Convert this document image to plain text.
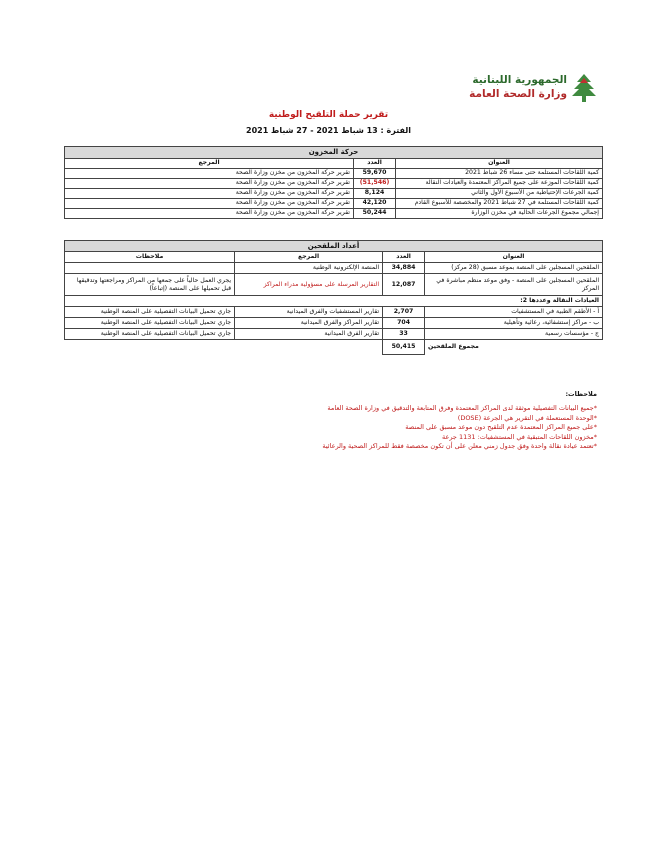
الجمهورية اللبنانية
وزارة الصحة العامة
تقرير حملة التلقيح الوطنية
الفترة : 13 شباط 2021 - 27 شباط 2021
حركة المخزون		
العنوان	العدد	المرجع
كمية اللقاحات المستلمة حتى مساء 26 شباط 2021	59,670	تقرير حركة المخزون من مخزن وزارة الصحة
كمية اللقاحات الموزعة على جميع المراكز المعتمدة والعيادات النقالة	(51,546)	تقرير حركة المخزون من مخزن وزارة الصحة
كمية الجرعات الإحتياطية من الأسبوع الأول والثاني	8,124	تقرير حركة المخزون من مخزن وزارة الصحة
كمية اللقاحات المستلمة في 27 شباط 2021 والمخصصة للأسبوع القادم	42,120	تقرير حركة المخزون من مخزن وزارة الصحة
إجمالي مجموع الجرعات الحالية في مخزن الوزارة	50,244	تقرير حركة المخزون من مخزن وزارة الصحة
أعداد الملقحين			
العنوان	العدد	المرجع	ملاحظات
الملقحين المسجلين على المنصة بموعد مسبق (28 مركز)	34,884	المنصة الإلكترونية الوطنية	
الملقحين المسجلين على المنصة - وفق موعد منظم مباشرة في المركز	12,087	التقارير المرسلة على مسؤولية مدراء المراكز	يجري العمل حالياً على جمعها من المراكز ومراجعتها وتدقيقها قبل تحميلها على المنصة (إتباعاً)
العيادات النقالة وعددها 2:			
أ - الأطقم الطبية في المستشفيات	2,707	تقارير المستشفيات والفرق الميدانية	جاري تحميل البيانات التفصيلية على المنصة الوطنية
ب - مراكز إستشفائية، رعائية وتأهيلية	704	تقارير المراكز والفرق الميدانية	جاري تحميل البيانات التفصيلية على المنصة الوطنية
ج - مؤسسات رسمية	33	تقارير الفرق الميدانية	جاري تحميل البيانات التفصيلية على المنصة الوطنية
مجموع الملقحين	50,415		
ملاحظات:
*جميع البيانات التفصيلية موثقة لدى المراكز المعتمدة وفرق المتابعة والتدقيق في وزارة الصحة العامة
*الوحدة المستعملة في التقرير هي الجرعة (DOSE)
*على جميع المراكز المعتمدة عدم التلقيح دون موعد مسبق على المنصة
*مخزون اللقاحات المتبقية في المستشفيات: 1131 جرعة
*تعتمد عيادة نقالة واحدة وفق جدول زمني معلن على أن تكون مخصصة فقط للمراكز الصحية والرعائية
